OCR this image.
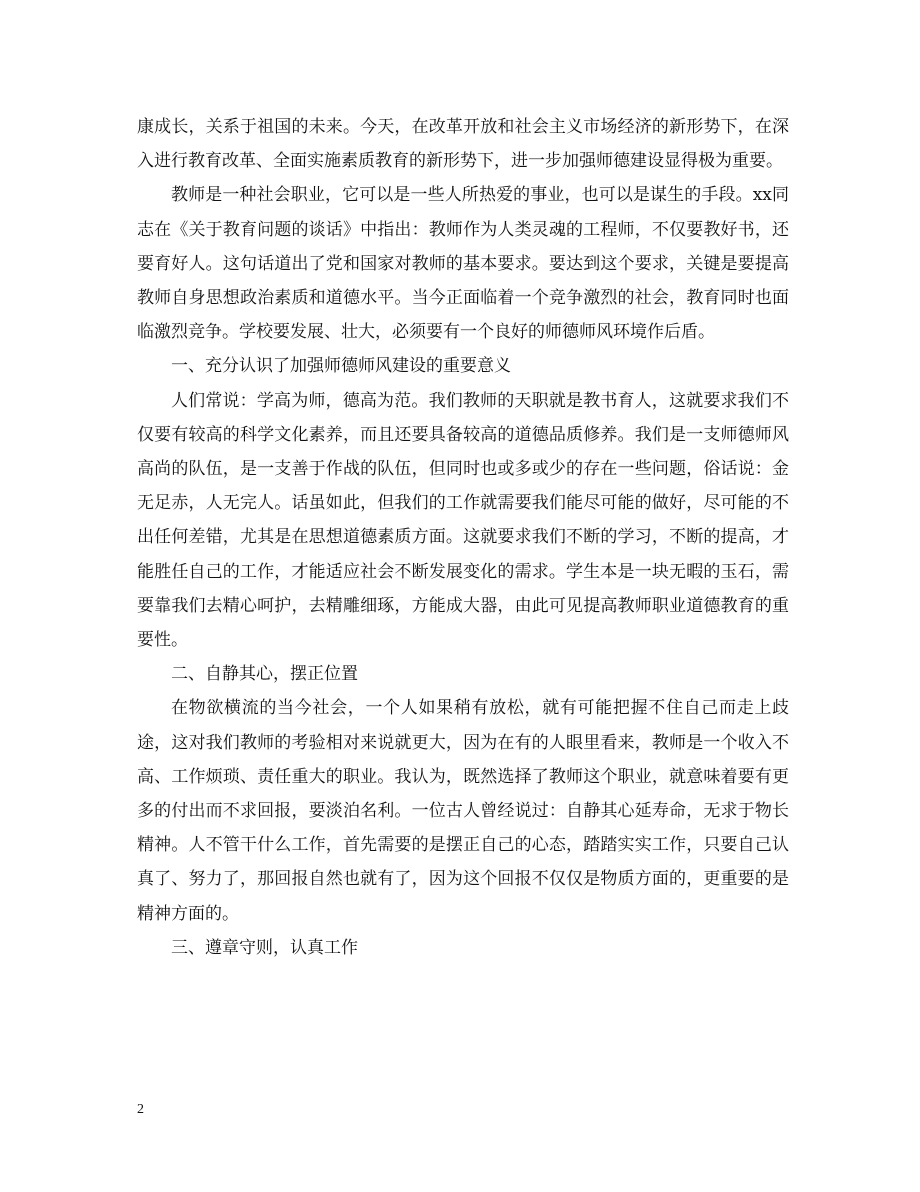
康成长，关系于祖国的未来。今天，在改革开放和社会主义市场经济的新形势下，在深入进行教育改革、全面实施素质教育的新形势下，进一步加强师德建设显得极为重要。

教师是一种社会职业，它可以是一些人所热爱的事业，也可以是谋生的手段。xx同志在《关于教育问题的谈话》中指出：教师作为人类灵魂的工程师，不仅要教好书，还要育好人。这句话道出了党和国家对教师的基本要求。要达到这个要求，关键是要提高教师自身思想政治素质和道德水平。当今正面临着一个竞争激烈的社会，教育同时也面临激烈竞争。学校要发展、壮大，必须要有一个良好的师德师风环境作后盾。

一、充分认识了加强师德师风建设的重要意义

人们常说：学高为师，德高为范。我们教师的天职就是教书育人，这就要求我们不仅要有较高的科学文化素养，而且还要具备较高的道德品质修养。我们是一支师德师风高尚的队伍，是一支善于作战的队伍，但同时也或多或少的存在一些问题，俗话说：金无足赤，人无完人。话虽如此，但我们的工作就需要我们能尽可能的做好，尽可能的不出任何差错，尤其是在思想道德素质方面。这就要求我们不断的学习，不断的提高，才能胜任自己的工作，才能适应社会不断发展变化的需求。学生本是一块无暇的玉石，需要靠我们去精心呵护，去精雕细琢，方能成大器，由此可见提高教师职业道德教育的重要性。

二、自静其心，摆正位置

在物欲横流的当今社会，一个人如果稍有放松，就有可能把握不住自己而走上歧途，这对我们教师的考验相对来说就更大，因为在有的人眼里看来，教师是一个收入不高、工作烦琐、责任重大的职业。我认为，既然选择了教师这个职业，就意味着要有更多的付出而不求回报，要淡泊名利。一位古人曾经说过：自静其心延寿命，无求于物长精神。人不管干什么工作，首先需要的是摆正自己的心态，踏踏实实工作，只要自己认真了、努力了，那回报自然也就有了，因为这个回报不仅仅是物质方面的，更重要的是精神方面的。

三、遵章守则，认真工作

2
